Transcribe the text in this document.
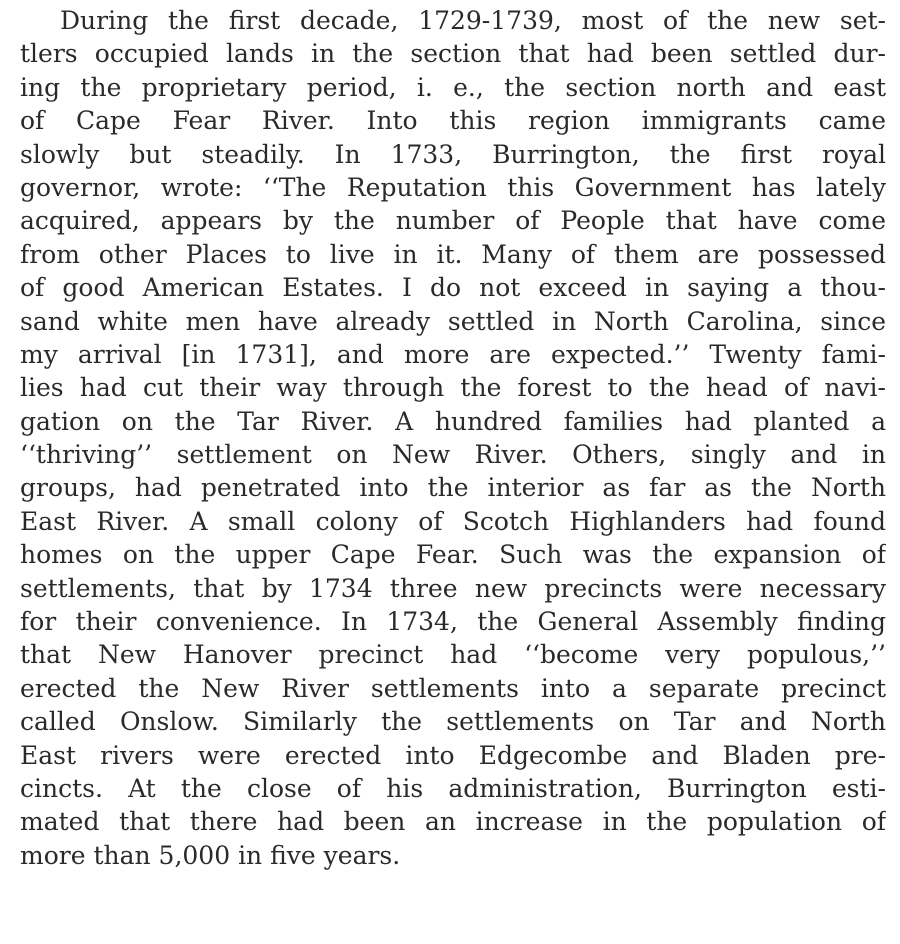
During the first decade, 1729-1739, most of the new set-
tlers occupied lands in the section that had been settled dur-
ing the proprietary period, i. e., the section north and east
of Cape Fear River. Into this region immigrants came
slowly but steadily. In 1733, Burrington, the first royal
governor, wrote: ‘‘The Reputation this Government has lately
acquired, appears by the number of People that have come
from other Places to live in it. Many of them are possessed
of good American Estates. I do not exceed in saying a thou-
sand white men have already settled in North Carolina, since
my arrival [in 1731], and more are expected.’’ Twenty fami-
lies had cut their way through the forest to the head of navi-
gation on the Tar River. A hundred families had planted a
‘‘thriving’’ settlement on New River. Others, singly and in
groups, had penetrated into the interior as far as the North
East River. A small colony of Scotch Highlanders had found
homes on the upper Cape Fear. Such was the expansion of
settlements, that by 1734 three new precincts were necessary
for their convenience. In 1734, the General Assembly finding
that New Hanover precinct had ‘‘become very populous,’’
erected the New River settlements into a separate precinct
called Onslow. Similarly the settlements on Tar and North
East rivers were erected into Edgecombe and Bladen pre-
cincts. At the close of his administration, Burrington esti-
mated that there had been an increase in the population of
more than 5,000 in five years.
